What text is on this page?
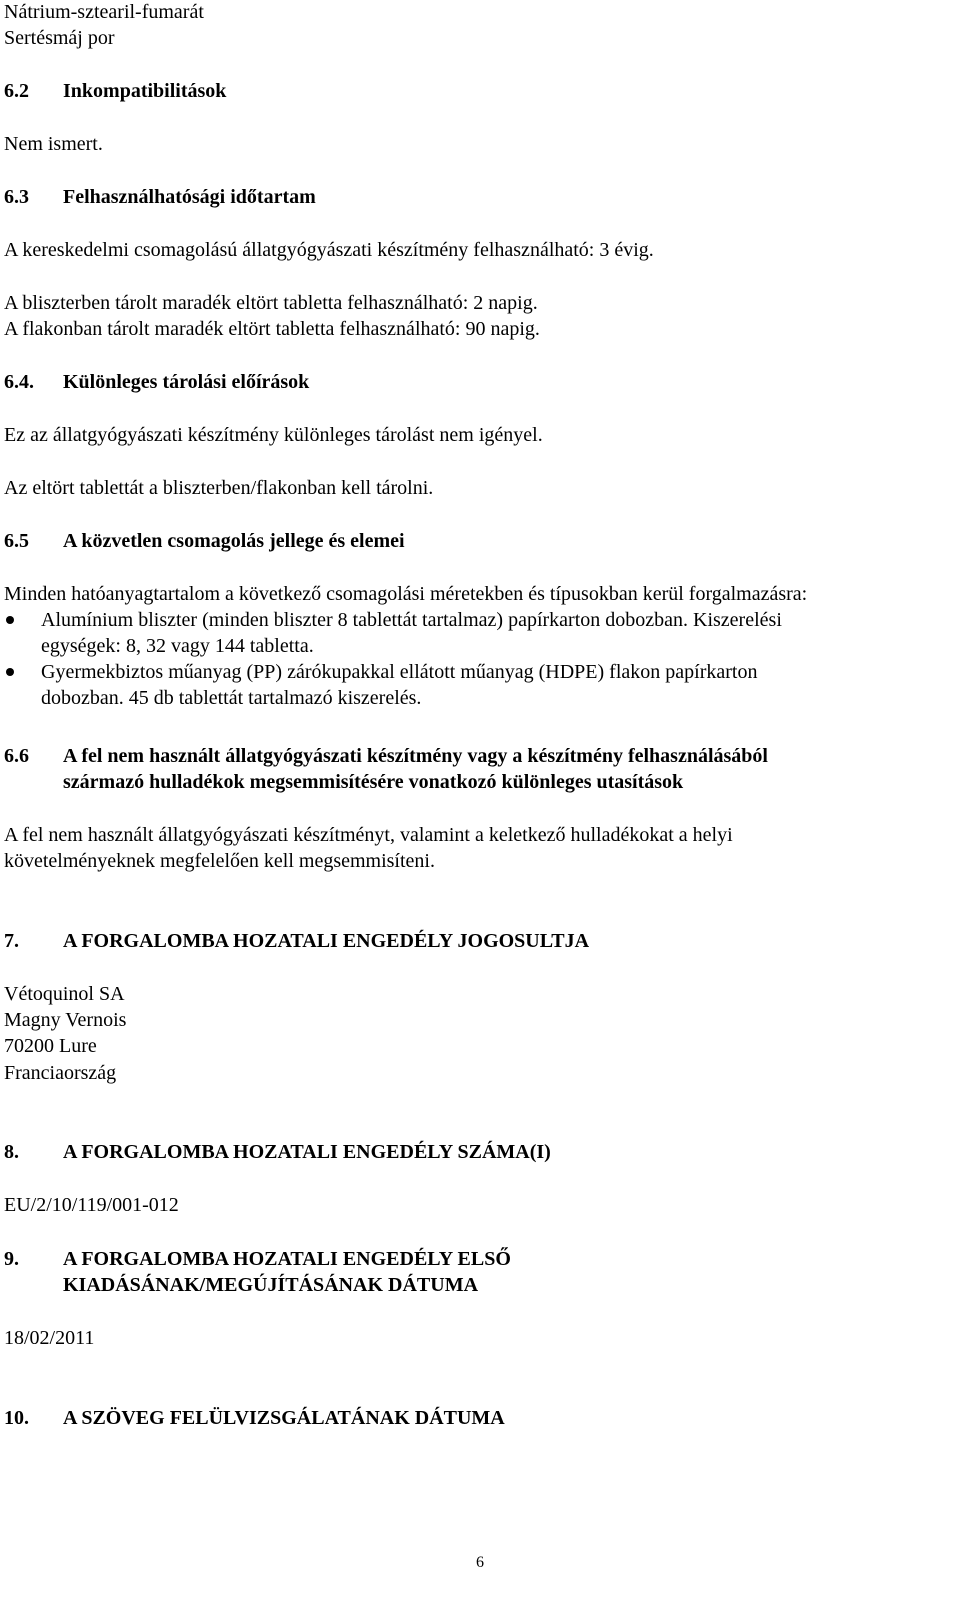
Nátrium-sztearil-fumarát
Sertésmáj por
6.2 Inkompatibilitások
Nem ismert.
6.3 Felhasználhatósági időtartam
A kereskedelmi csomagolású állatgyógyászati készítmény felhasználható: 3 évig.
A bliszterben tárolt maradék eltört tabletta felhasználható: 2 napig.
A flakonban tárolt maradék eltört tabletta felhasználható: 90 napig.
6.4. Különleges tárolási előírások
Ez az állatgyógyászati készítmény különleges tárolást nem igényel.
Az eltört tablettát a bliszterben/flakonban kell tárolni.
6.5 A közvetlen csomagolás jellege és elemei
Minden hatóanyagtartalom a következő csomagolási méretekben és típusokban kerül forgalmazásra:
Alumínium bliszter (minden bliszter 8 tablettát tartalmaz) papírkarton dobozban. Kiszerelési
egységek: 8, 32 vagy 144 tabletta.
Gyermekbiztos műanyag (PP) zárókupakkal ellátott műanyag (HDPE) flakon papírkarton
dobozban. 45 db tablettát tartalmazó kiszerelés.
6.6 A fel nem használt állatgyógyászati készítmény vagy a készítmény felhasználásából
származó hulladékok megsemmisítésére vonatkozó különleges utasítások
A fel nem használt állatgyógyászati készítményt, valamint a keletkező hulladékokat a helyi
követelményeknek megfelelően kell megsemmisíteni.
7. A FORGALOMBA HOZATALI ENGEDÉLY JOGOSULTJA
Vétoquinol SA
Magny Vernois
70200 Lure
Franciaország
8. A FORGALOMBA HOZATALI ENGEDÉLY SZÁMA(I)
EU/2/10/119/001-012
9. A FORGALOMBA HOZATALI ENGEDÉLY ELSŐ
KIADÁSÁNAK/MEGÚJÍTÁSÁNAK DÁTUMA
18/02/2011
10. A SZÖVEG FELÜLVIZSGÁLATÁNAK DÁTUMA
6
